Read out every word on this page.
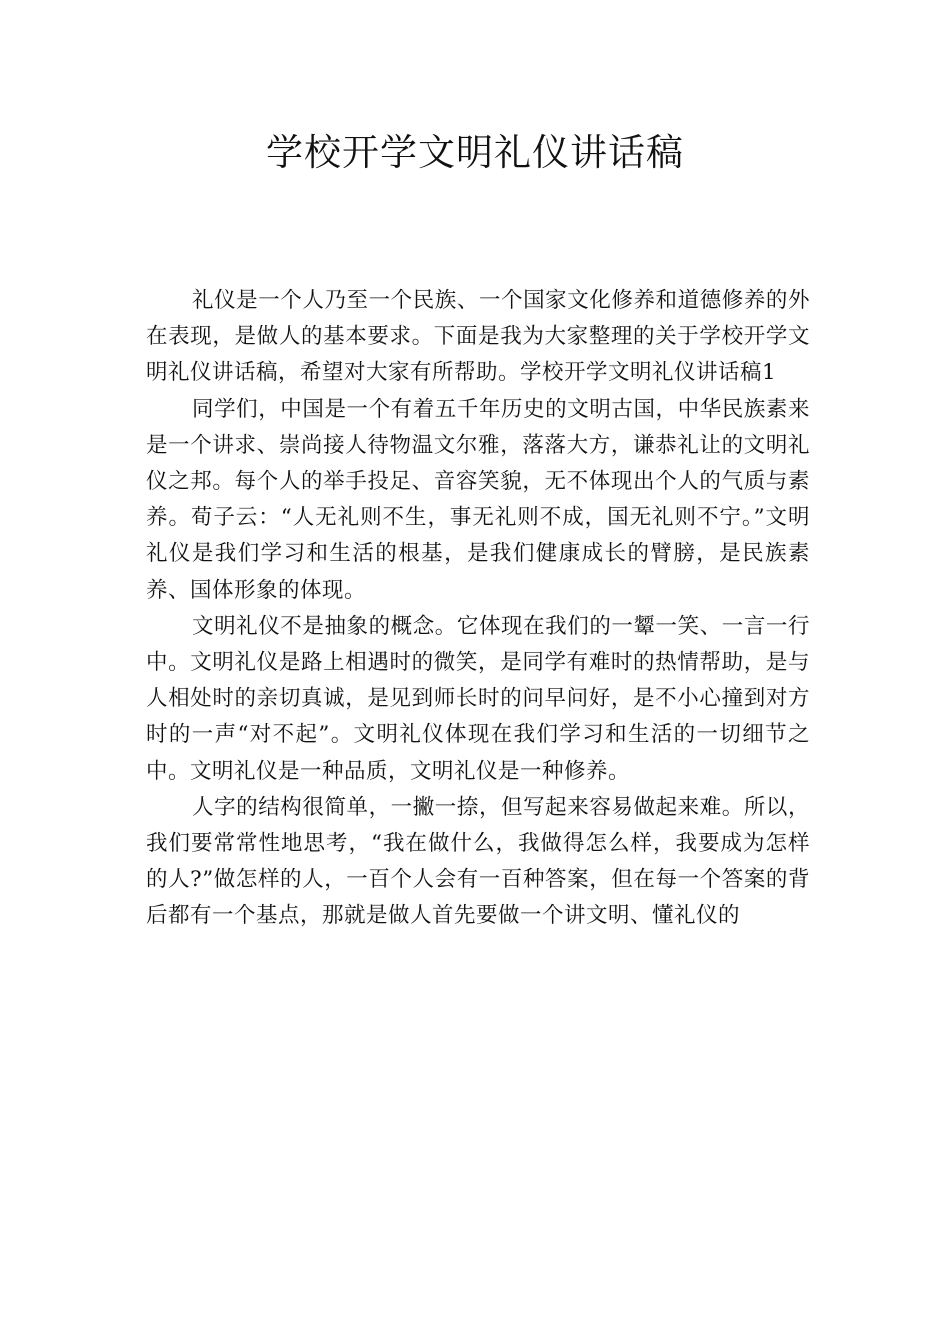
学校开学文明礼仪讲话稿

礼仪是一个人乃至一个民族、一个国家文化修养和道德修养的外在表现，是做人的基本要求。下面是我为大家整理的关于学校开学文明礼仪讲话稿，希望对大家有所帮助。学校开学文明礼仪讲话稿1

同学们，中国是一个有着五千年历史的文明古国，中华民族素来是一个讲求、崇尚接人待物温文尔雅，落落大方，谦恭礼让的文明礼仪之邦。每个人的举手投足、音容笑貌，无不体现出个人的气质与素养。荀子云：“人无礼则不生，事无礼则不成，国无礼则不宁。”文明礼仪是我们学习和生活的根基，是我们健康成长的臂膀，是民族素养、国体形象的体现。

文明礼仪不是抽象的概念。它体现在我们的一颦一笑、一言一行中。文明礼仪是路上相遇时的微笑，是同学有难时的热情帮助，是与人相处时的亲切真诚，是见到师长时的问早问好，是不小心撞到对方时的一声“对不起”。文明礼仪体现在我们学习和生活的一切细节之中。文明礼仪是一种品质，文明礼仪是一种修养。

人字的结构很简单，一撇一捺，但写起来容易做起来难。所以，我们要常常性地思考，“我在做什么，我做得怎么样，我要成为怎样的人?”做怎样的人，一百个人会有一百种答案，但在每一个答案的背后都有一个基点，那就是做人首先要做一个讲文明、懂礼仪的
